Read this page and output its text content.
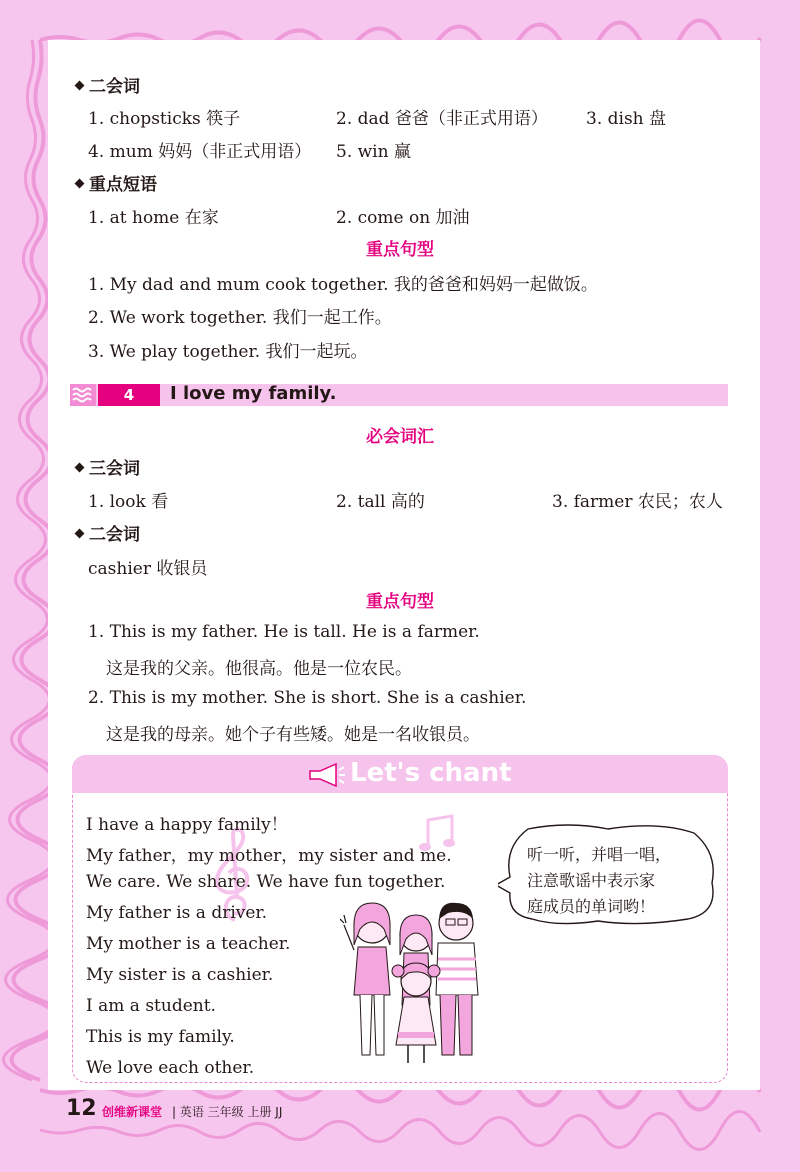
二会词
1. chopsticks 筷子	2. dad 爸爸（非正式用语） 3. dish 盘
4. mum 妈妈（非正式用语） 5. win 赢
重点短语
1. at home 在家	2. come on 加油
重点句型
1. My dad and mum cook together. 我的爸爸和妈妈一起做饭。
2. We work together. 我们一起工作。
3. We play together. 我们一起玩。
4	I love my family.
必会词汇
三会词
1. look 看	2. tall 高的	3. farmer 农民；农人
二会词
cashier 收银员
重点句型
1. This is my father. He is tall. He is a farmer.
这是我的父亲。他很高。他是一位农民。
2. This is my mother. She is short. She is a cashier.
这是我的母亲。她个子有些矮。她是一名收银员。
Let's chant
I have a happy family！
My father，my mother，my sister and me.
We care. We share. We have fun together.
My father is a driver.
My mother is a teacher.
My sister is a cashier.
I am a student.
This is my family.
We love each other.
听一听，并唱一唱，
注意歌谣中表示家
庭成员的单词哟！
12 创维新课堂 | 英语 三年级 上册 JJ
